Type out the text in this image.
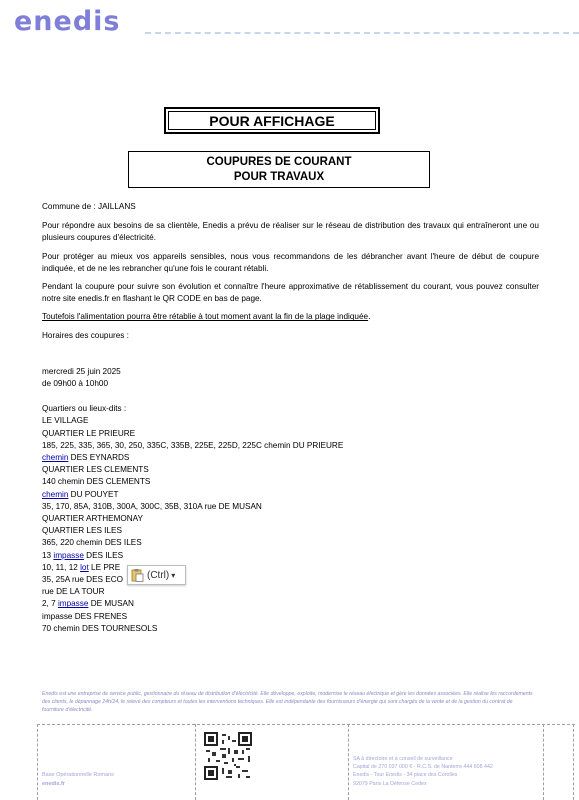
enedis
POUR AFFICHAGE
COUPURES DE COURANT
POUR TRAVAUX

Commune de : JAILLANS

Pour répondre aux besoins de sa clientèle, Enedis a prévu de réaliser sur le réseau de distribution des travaux qui entraîneront une ou plusieurs coupures d'électricité.

Pour protéger au mieux vos appareils sensibles, nous vous recommandons de les débrancher avant l'heure de début de coupure indiquée, et de ne les rebrancher qu'une fois le courant rétabli.

Pendant la coupure pour suivre son évolution et connaître l'heure approximative de rétablissement du courant, vous pouvez consulter notre site enedis.fr en flashant le QR CODE en bas de page.

Toutefois l'alimentation pourra être rétablie à tout moment avant la fin de la plage indiquée.

Horaires des coupures :

mercredi 25 juin 2025

de 09h00 à 10h00

Quartiers ou lieux-dits :

LE VILLAGE

QUARTIER LE PRIEURE

185, 225, 335, 365, 30, 250, 335C, 335B, 225E, 225D, 225C chemin DU PRIEURE

chemin DES EYNARDS

QUARTIER LES CLEMENTS

140 chemin DES CLEMENTS

chemin DU POUYET

35, 170, 85A, 310B, 300A, 300C, 35B, 310A rue DE MUSAN

QUARTIER ARTHEMONAY

QUARTIER LES ILES

365, 220 chemin DES ILES

13 impasse DES ILES

10, 11, 12 lot LE PRE

35, 25A rue DES ECO

rue DE LA TOUR

2, 7 impasse DE MUSAN

impasse DES FRENES

70 chemin DES TOURNESOLS

(Ctrl) ▾
Enedis est une entreprise de service public, gestionnaire du réseau de distribution d'électricité. Elle développe, exploite, modernise le réseau électrique et gère les données associées. Elle réalise les raccordements des clients, le dépannage 24h/24, le relevé des compteurs et toutes les interventions techniques. Elle est indépendante des fournisseurs d'énergie qui sont chargés de la vente et de la gestion du contrat de fourniture d'électricité.
Base Opérationnelle Romans
enedis.fr
SA à directoire et à conseil de surveillance
Capital de 270 037 000 € - R.C.S. de Nanterre 444 608 442
Enedis - Tour Enedis - 34 place des Corolles
92079 Paris La Défense Cedex
